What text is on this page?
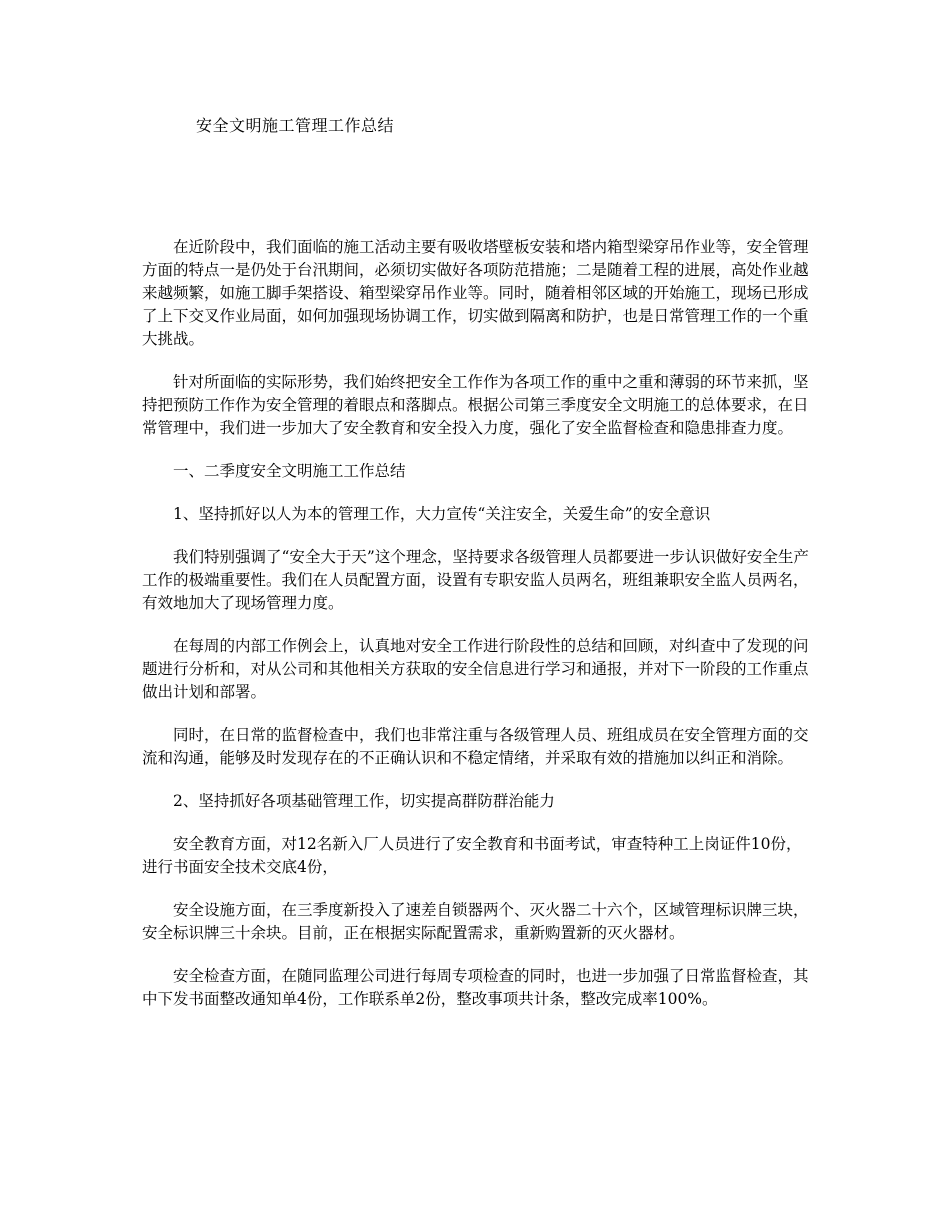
安全文明施工管理工作总结

在近阶段中，我们面临的施工活动主要有吸收塔壁板安装和塔内箱型梁穿吊作业等，安全管理方面的特点一是仍处于台汛期间，必须切实做好各项防范措施；二是随着工程的进展，高处作业越来越频繁，如施工脚手架搭设、箱型梁穿吊作业等。同时，随着相邻区域的开始施工，现场已形成了上下交叉作业局面，如何加强现场协调工作，切实做到隔离和防护，也是日常管理工作的一个重大挑战。

针对所面临的实际形势，我们始终把安全工作作为各项工作的重中之重和薄弱的环节来抓，坚持把预防工作作为安全管理的着眼点和落脚点。根据公司第三季度安全文明施工的总体要求，在日常管理中，我们进一步加大了安全教育和安全投入力度，强化了安全监督检查和隐患排查力度。

一、二季度安全文明施工工作总结

1、坚持抓好以人为本的管理工作，大力宣传“关注安全，关爱生命”的安全意识

我们特别强调了“安全大于天”这个理念，坚持要求各级管理人员都要进一步认识做好安全生产工作的极端重要性。我们在人员配置方面，设置有专职安监人员两名，班组兼职安全监人员两名，有效地加大了现场管理力度。

在每周的内部工作例会上，认真地对安全工作进行阶段性的总结和回顾，对纠查中了发现的问题进行分析和，对从公司和其他相关方获取的安全信息进行学习和通报，并对下一阶段的工作重点做出计划和部署。

同时，在日常的监督检查中，我们也非常注重与各级管理人员、班组成员在安全管理方面的交流和沟通，能够及时发现存在的不正确认识和不稳定情绪，并采取有效的措施加以纠正和消除。

2、坚持抓好各项基础管理工作，切实提高群防群治能力

安全教育方面，对12名新入厂人员进行了安全教育和书面考试，审查特种工上岗证件10份，进行书面安全技术交底4份，

安全设施方面，在三季度新投入了速差自锁器两个、灭火器二十六个，区域管理标识牌三块，安全标识牌三十余块。目前，正在根据实际配置需求，重新购置新的灭火器材。

安全检查方面，在随同监理公司进行每周专项检查的同时，也进一步加强了日常监督检查，其中下发书面整改通知单4份，工作联系单2份，整改事项共计条，整改完成率100%。
